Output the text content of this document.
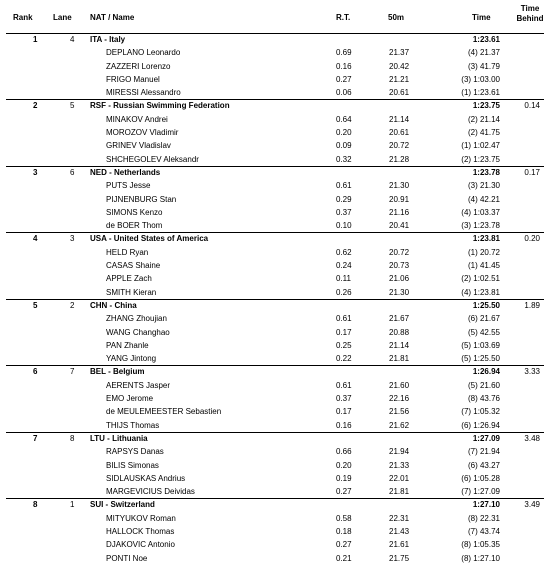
Rank	Lane NAT / Name	R.T.	50m	Time
Time Behind
1	4 ITA - Italy	1:23.61
DEPLANO Leonardo	0.69	21.37	(4) 21.37
ZAZZERI Lorenzo	0.16	20.42	(3) 41.79
FRIGO Manuel	0.27	21.21	(3) 1:03.00
MIRESSI Alessandro	0.06	20.61	(1) 1:23.61
2	5 RSF - Russian Swimming Federation	1:23.75	0.14
MINAKOV Andrei	0.64	21.14	(2) 21.14
MOROZOV Vladimir	0.20	20.61	(2) 41.75
GRINEV Vladislav	0.09	20.72	(1) 1:02.47
SHCHEGOLEV Aleksandr	0.32	21.28	(2) 1:23.75
3	6 NED - Netherlands	1:23.78	0.17
PUTS Jesse	0.61	21.30	(3) 21.30
PIJNENBURG Stan	0.29	20.91	(4) 42.21
SIMONS Kenzo	0.37	21.16	(4) 1:03.37
de BOER Thom	0.10	20.41	(3) 1:23.78
4	3 USA - United States of America	1:23.81	0.20
HELD Ryan	0.62	20.72	(1) 20.72
CASAS Shaine	0.24	20.73	(1) 41.45
APPLE Zach	0.11	21.06	(2) 1:02.51
SMITH Kieran	0.26	21.30	(4) 1:23.81
5	2 CHN - China	1:25.50	1.89
ZHANG Zhoujian	0.61	21.67	(6) 21.67
WANG Changhao	0.17	20.88	(5) 42.55
PAN Zhanle	0.25	21.14	(5) 1:03.69
YANG Jintong	0.22	21.81	(5) 1:25.50
6	7 BEL - Belgium	1:26.94	3.33
AERENTS Jasper	0.61	21.60	(5) 21.60
EMO Jerome	0.37	22.16	(8) 43.76
de MEULEMEESTER Sebastien	0.17	21.56	(7) 1:05.32
THIJS Thomas	0.16	21.62	(6) 1:26.94
7	8 LTU - Lithuania	1:27.09	3.48
RAPSYS Danas	0.66	21.94	(7) 21.94
BILIS Simonas	0.20	21.33	(6) 43.27
SIDLAUSKAS Andrius	0.19	22.01	(6) 1:05.28
MARGEVICIUS Deividas	0.27	21.81	(7) 1:27.09
8	1 SUI - Switzerland	1:27.10	3.49
MITYUKOV Roman	0.58	22.31	(8) 22.31
HALLOCK Thomas	0.18	21.43	(7) 43.74
DJAKOVIC Antonio	0.27	21.61	(8) 1:05.35
PONTI Noe	0.21	21.75	(8) 1:27.10
